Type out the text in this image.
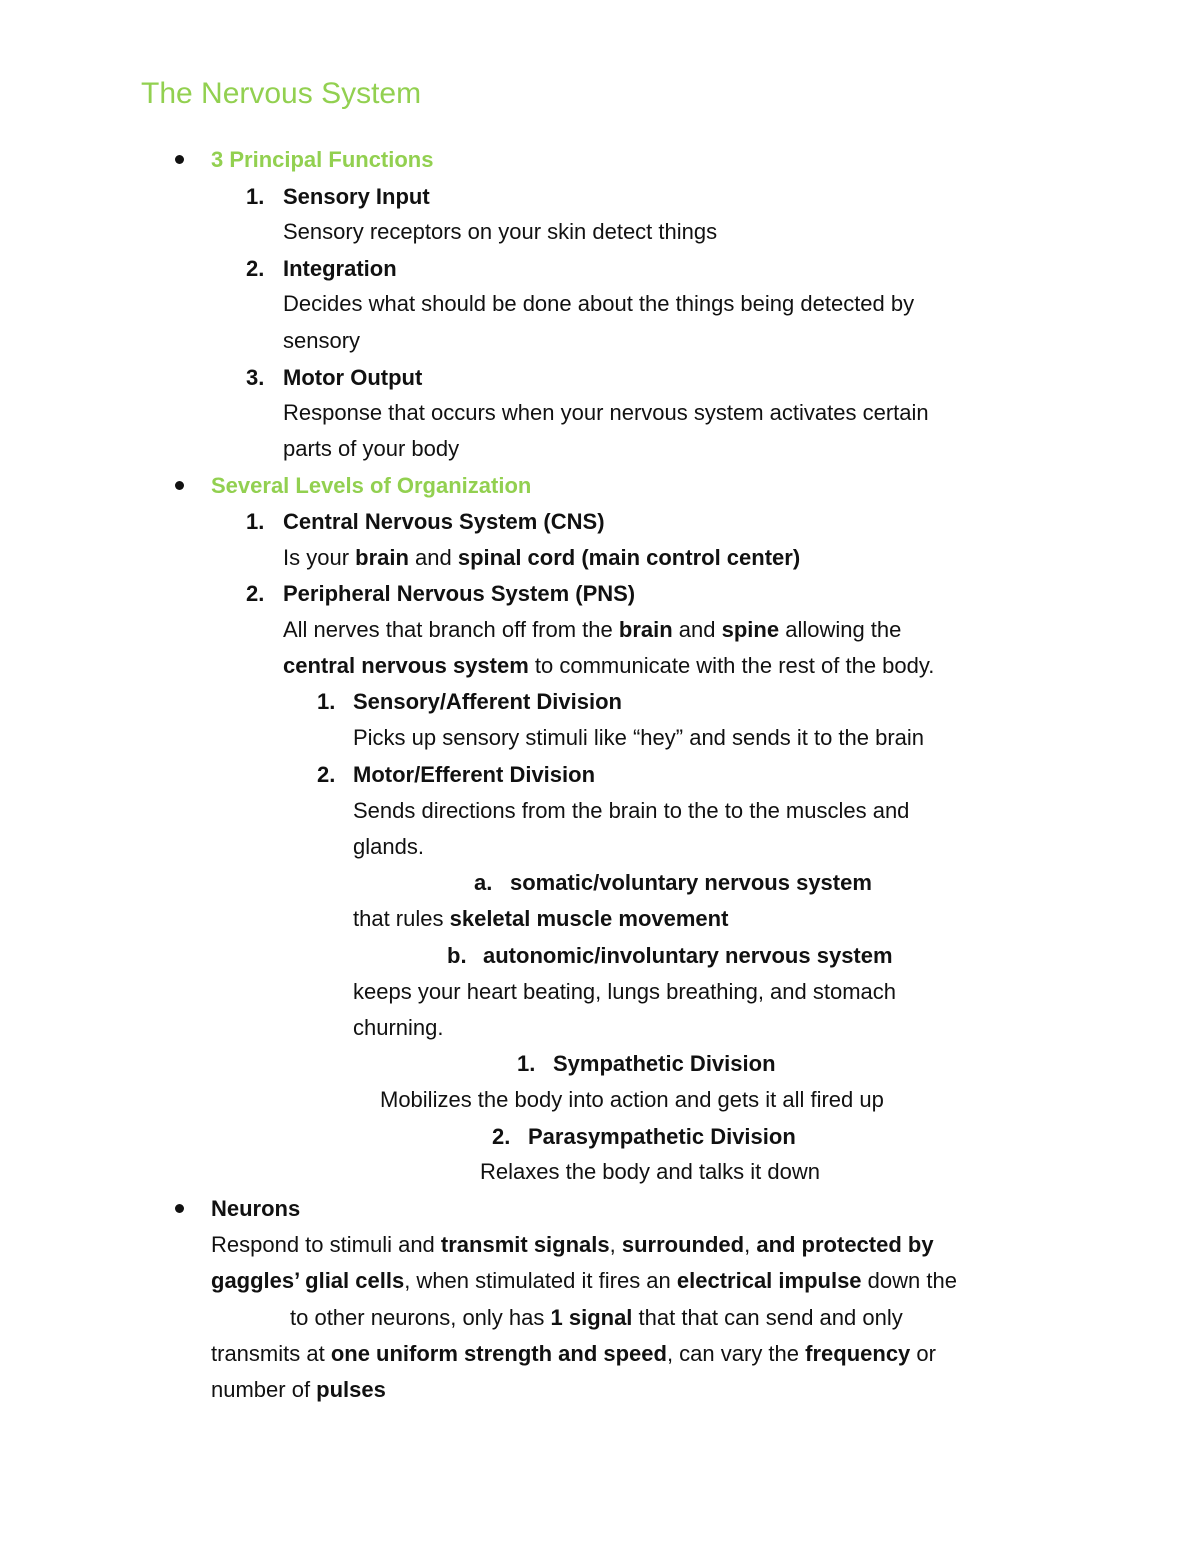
The Nervous System
3 Principal Functions
1. Sensory Input
Sensory receptors on your skin detect things
2. Integration
Decides what should be done about the things being detected by
sensory
3. Motor Output
Response that occurs when your nervous system activates certain
parts of your body
Several Levels of Organization
1. Central Nervous System (CNS)
Is your brain and spinal cord (main control center)
2. Peripheral Nervous System (PNS)
All nerves that branch off from the brain and spine allowing the
central nervous system to communicate with the rest of the body.
1. Sensory/Afferent Division
Picks up sensory stimuli like “hey” and sends it to the brain
2. Motor/Efferent Division
Sends directions from the brain to the to the muscles and
glands.
a. somatic/voluntary nervous system
that rules skeletal muscle movement
b. autonomic/involuntary nervous system
keeps your heart beating, lungs breathing, and stomach
churning.
1. Sympathetic Division
Mobilizes the body into action and gets it all fired up
2. Parasympathetic Division
Relaxes the body and talks it down
Neurons
Respond to stimuli and transmit signals, surrounded, and protected by
gaggles’ glial cells, when stimulated it fires an electrical impulse down the
to other neurons, only has 1 signal that that can send and only
transmits at one uniform strength and speed, can vary the frequency or
number of pulses
